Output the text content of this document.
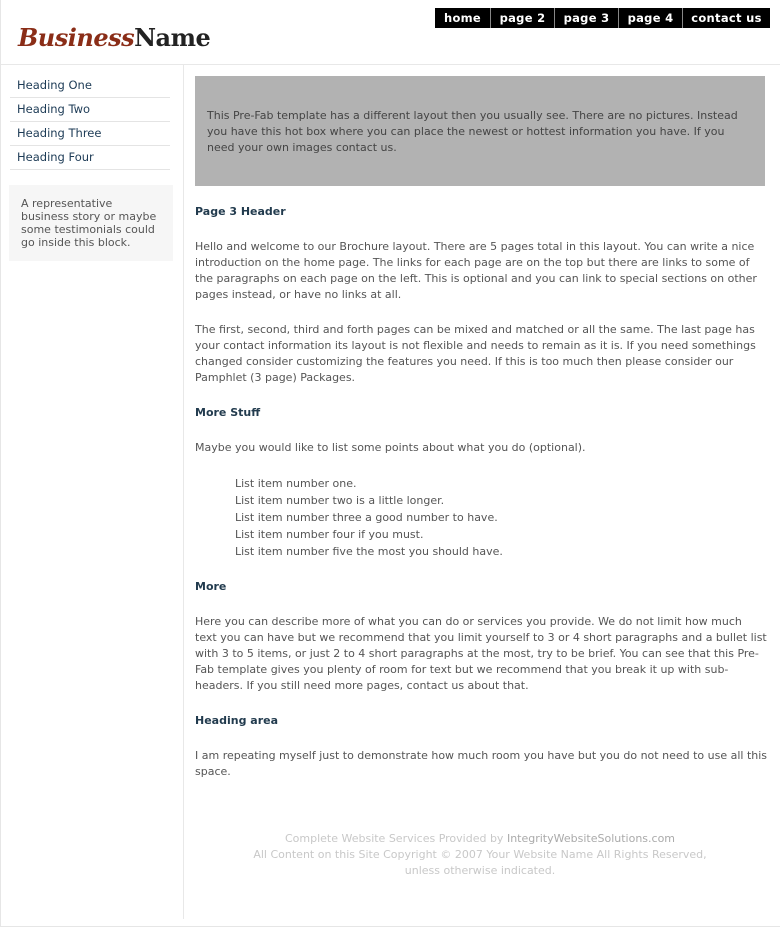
BusinessName
home	page 2	page 3	page 4	contact us
Heading One
Heading Two
Heading Three
Heading Four
A representative business story or maybe some testimonials could go inside this block.
This Pre-Fab template has a different layout then you usually see. There are no pictures. Instead you have this hot box where you can place the newest or hottest information you have. If you need your own images contact us.
Page 3 Header

Hello and welcome to our Brochure layout. There are 5 pages total in this layout. You can write a nice introduction on the home page. The links for each page are on the top but there are links to some of the paragraphs on each page on the left. This is optional and you can link to special sections on other pages instead, or have no links at all.

The first, second, third and forth pages can be mixed and matched or all the same. The last page has your contact information its layout is not flexible and needs to remain as it is. If you need somethings changed consider customizing the features you need. If this is too much then please consider our Pamphlet (3 page) Packages.

More Stuff

Maybe you would like to list some points about what you do (optional).

List item number one.
List item number two is a little longer.
List item number three a good number to have.
List item number four if you must.
List item number five the most you should have.
More

Here you can describe more of what you can do or services you provide. We do not limit how much text you can have but we recommend that you limit yourself to 3 or 4 short paragraphs and a bullet list with 3 to 5 items, or just 2 to 4 short paragraphs at the most, try to be brief. You can see that this Pre-Fab template gives you plenty of room for text but we recommend that you break it up with sub-headers. If you still need more pages, contact us about that.

Heading area

I am repeating myself just to demonstrate how much room you have but you do not need to use all this space.

Complete Website Services Provided by IntegrityWebsiteSolutions.com
All Content on this Site Copyright © 2007 Your Website Name All Rights Reserved,
unless otherwise indicated.
